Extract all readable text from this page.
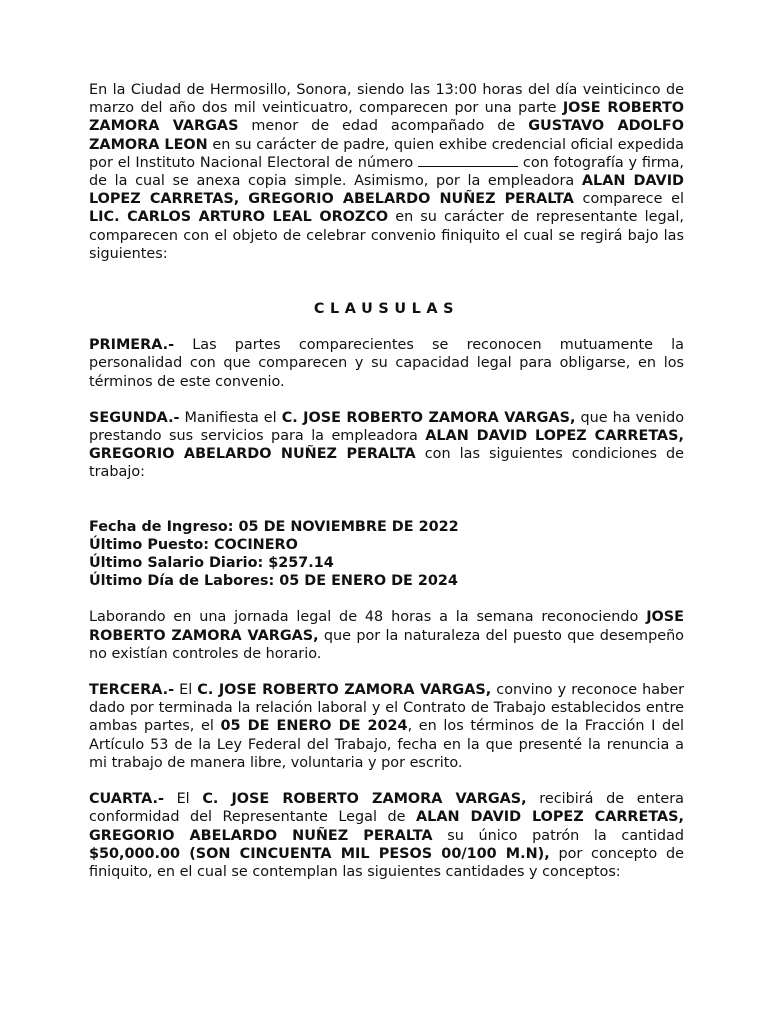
En la Ciudad de Hermosillo, Sonora, siendo las 13:00 horas del día veinticinco de marzo del año dos mil veinticuatro, comparecen por una parte JOSE ROBERTO ZAMORA VARGAS menor de edad acompañado de GUSTAVO ADOLFO ZAMORA LEON en su carácter de padre, quien exhibe credencial oficial expedida por el Instituto Nacional Electoral de número	con fotografía y firma, de la cual se anexa copia simple. Asimismo, por la empleadora ALAN DAVID LOPEZ CARRETAS, GREGORIO ABELARDO NUÑEZ PERALTA comparece el LIC. CARLOS ARTURO LEAL OROZCO en su carácter de representante legal, comparecen con el objeto de celebrar convenio finiquito el cual se regirá bajo las siguientes:

CLAUSULAS

PRIMERA.- Las partes comparecientes se reconocen mutuamente la personalidad con que comparecen y su capacidad legal para obligarse, en los términos de este convenio.

SEGUNDA.- Manifiesta el C. JOSE ROBERTO ZAMORA VARGAS, que ha venido prestando sus servicios para la empleadora ALAN DAVID LOPEZ CARRETAS, GREGORIO ABELARDO NUÑEZ PERALTA con las siguientes condiciones de trabajo:

Fecha de Ingreso: 05 DE NOVIEMBRE DE 2022
Último Puesto: COCINERO
Último Salario Diario: $257.14
Último Día de Labores: 05 DE ENERO DE 2024

Laborando en una jornada legal de 48 horas a la semana reconociendo JOSE ROBERTO ZAMORA VARGAS, que por la naturaleza del puesto que desempeño no existían controles de horario.

TERCERA.- El C. JOSE ROBERTO ZAMORA VARGAS, convino y reconoce haber dado por terminada la relación laboral y el Contrato de Trabajo establecidos entre ambas partes, el 05 DE ENERO DE 2024, en los términos de la Fracción I del Artículo 53 de la Ley Federal del Trabajo, fecha en la que presenté la renuncia a mi trabajo de manera libre, voluntaria y por escrito.

CUARTA.- El C. JOSE ROBERTO ZAMORA VARGAS, recibirá de entera conformidad del Representante Legal de ALAN DAVID LOPEZ CARRETAS, GREGORIO ABELARDO NUÑEZ PERALTA su único patrón la cantidad $50,000.00 (SON CINCUENTA MIL PESOS 00/100 M.N), por concepto de finiquito, en el cual se contemplan las siguientes cantidades y conceptos:
